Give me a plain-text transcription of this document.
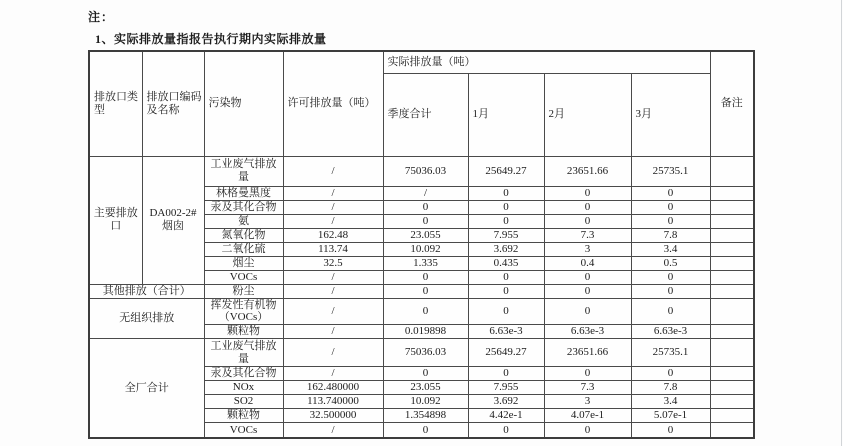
注：
1、实际排放量指报告执行期内实际排放量
排放口类型	排放口编码及名称	污染物	许可排放量（吨）	实际排放量（吨）				备注
				季度合计	1月	2月	3月	
主要排放口	DA002-2#烟囱	工业废气排放量	/	75036.03	25649.27	23651.66	25735.1	
		林格曼黑度	/	/	0	0	0	
		汞及其化合物	/	0	0	0	0	
		氨	/	0	0	0	0	
		氮氧化物	162.48	23.055	7.955	7.3	7.8	
		二氧化硫	113.74	10.092	3.692	3	3.4	
		烟尘	32.5	1.335	0.435	0.4	0.5	
		VOCs	/	0	0	0	0	
其他排放（合计）		粉尘	/	0	0	0	0	
无组织排放		挥发性有机物（VOCs）	/	0	0	0	0	
		颗粒物	/	0.019898	6.63e-3	6.63e-3	6.63e-3	
全厂合计		工业废气排放量	/	75036.03	25649.27	23651.66	25735.1	
		汞及其化合物	/	0	0	0	0	
		NOx	162.480000	23.055	7.955	7.3	7.8	
		SO2	113.740000	10.092	3.692	3	3.4	
		颗粒物	32.500000	1.354898	4.42e-1	4.07e-1	5.07e-1	
		VOCs	/	0	0	0	0	
